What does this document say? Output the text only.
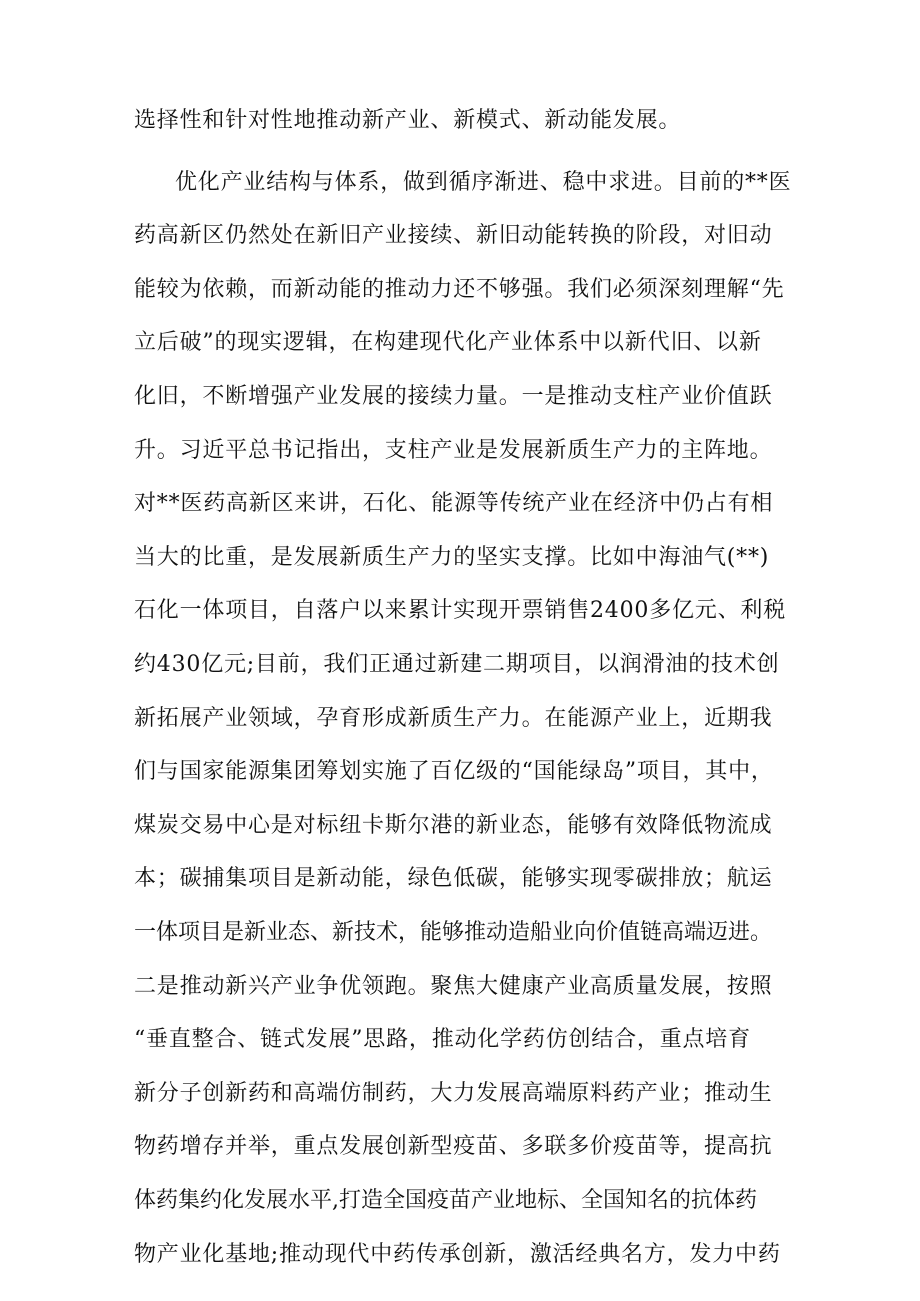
选择性和针对性地推动新产业、新模式、新动能发展。
优化产业结构与体系，做到循序渐进、稳中求进。目前的**医
药高新区仍然处在新旧产业接续、新旧动能转换的阶段，对旧动
能较为依赖，而新动能的推动力还不够强。我们必须深刻理解“先
立后破”的现实逻辑，在构建现代化产业体系中以新代旧、以新
化旧，不断增强产业发展的接续力量。一是推动支柱产业价值跃
升。习近平总书记指出，支柱产业是发展新质生产力的主阵地。
对**医药高新区来讲，石化、能源等传统产业在经济中仍占有相
当大的比重，是发展新质生产力的坚实支撑。比如中海油气(**)
石化一体项目，自落户以来累计实现开票销售2400多亿元、利税
约430亿元;目前，我们正通过新建二期项目，以润滑油的技术创
新拓展产业领域，孕育形成新质生产力。在能源产业上，近期我
们与国家能源集团筹划实施了百亿级的“国能绿岛”项目，其中，
煤炭交易中心是对标纽卡斯尔港的新业态，能够有效降低物流成
本；碳捕集项目是新动能，绿色低碳，能够实现零碳排放；航运
一体项目是新业态、新技术，能够推动造船业向价值链高端迈进。
二是推动新兴产业争优领跑。聚焦大健康产业高质量发展，按照
“垂直整合、链式发展”思路，推动化学药仿创结合，重点培育
新分子创新药和高端仿制药，大力发展高端原料药产业；推动生
物药增存并举，重点发展创新型疫苗、多联多价疫苗等，提高抗
体药集约化发展水平,打造全国疫苗产业地标、全国知名的抗体药
物产业化基地;推动现代中药传承创新，激活经典名方，发力中药
